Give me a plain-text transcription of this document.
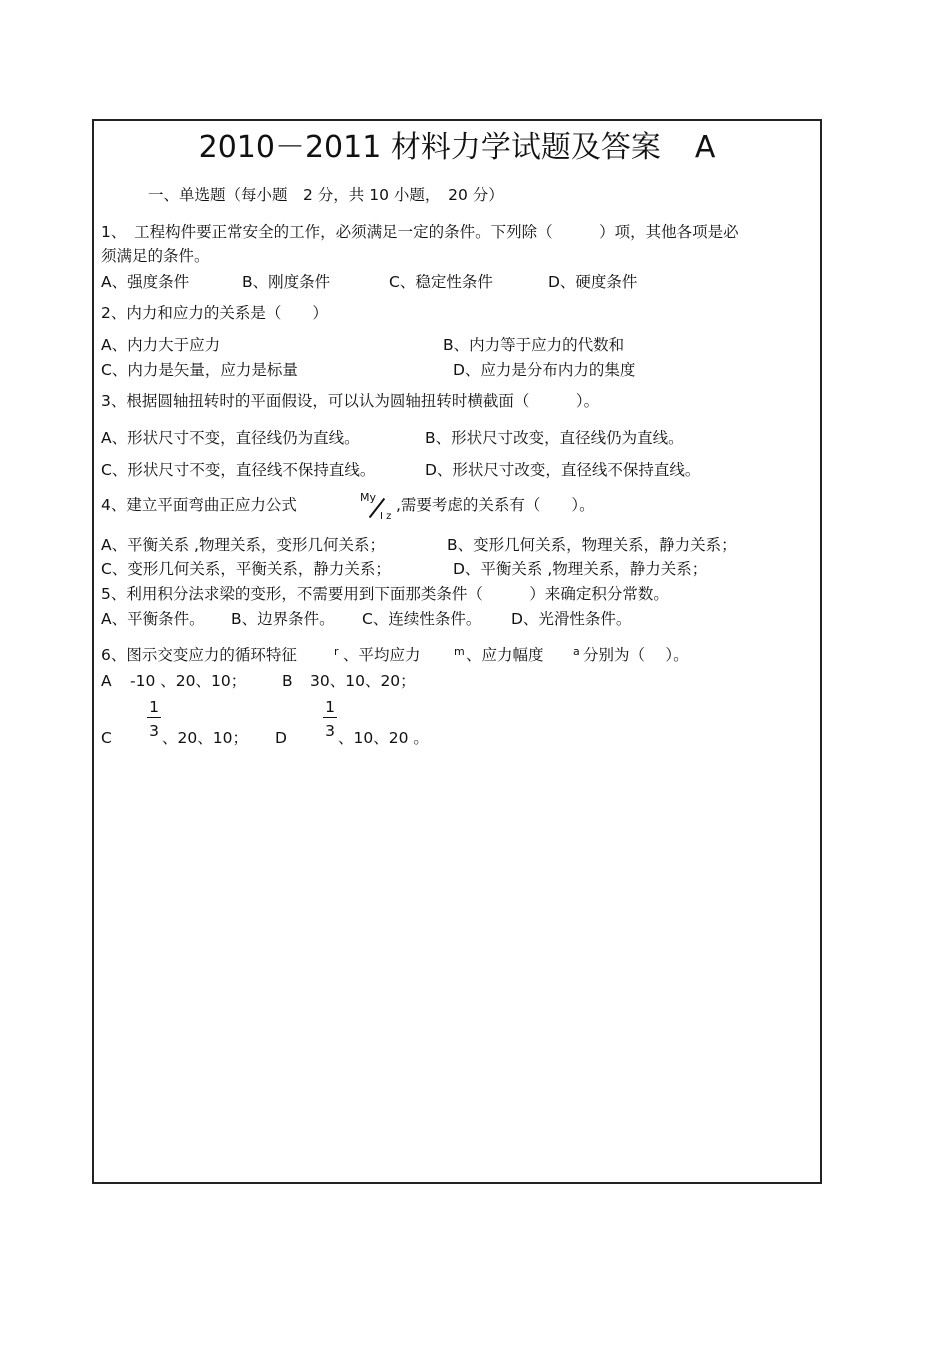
2010－2011 材料力学试题及答案 A
一、单选题（每小题　2 分，共 10 小题，　20 分）
1、　工程构件要正常安全的工作，必须满足一定的条件。下列除（　　　）项，其他各项是必
须满足的条件。
A、强度条件	B、刚度条件	C、稳定性条件	D、硬度条件
2、内力和应力的关系是（　　）
A、内力大于应力	B、内力等于应力的代数和
C、内力是矢量，应力是标量	D、应力是分布内力的集度
3、根据圆轴扭转时的平面假设，可以认为圆轴扭转时横截面（　　　）。
A、形状尺寸不变，直径线仍为直线。	B、形状尺寸改变，直径线仍为直线。
C、形状尺寸不变，直径线不保持直线。	D、形状尺寸改变，直径线不保持直线。
4、建立平面弯曲正应力公式	My
I z
,需要考虑的关系有（　　）。
A、平衡关系 ,物理关系，变形几何关系；	B、变形几何关系，物理关系，静力关系；
C、变形几何关系，平衡关系，静力关系；	D、平衡关系 ,物理关系，静力关系；
5、利用积分法求梁的变形，不需要用到下面那类条件（　　　）来确定积分常数。
A、平衡条件。 B、边界条件。 C、连续性条件。 D、光滑性条件。
6、图示交变应力的循环特征	r 、平均应力	m 、应力幅度	a 分别为（　 ）。
A -10 、20、10； B 30、10、20；
C
1
3 、20、10； D
1
3 、10、20 。
